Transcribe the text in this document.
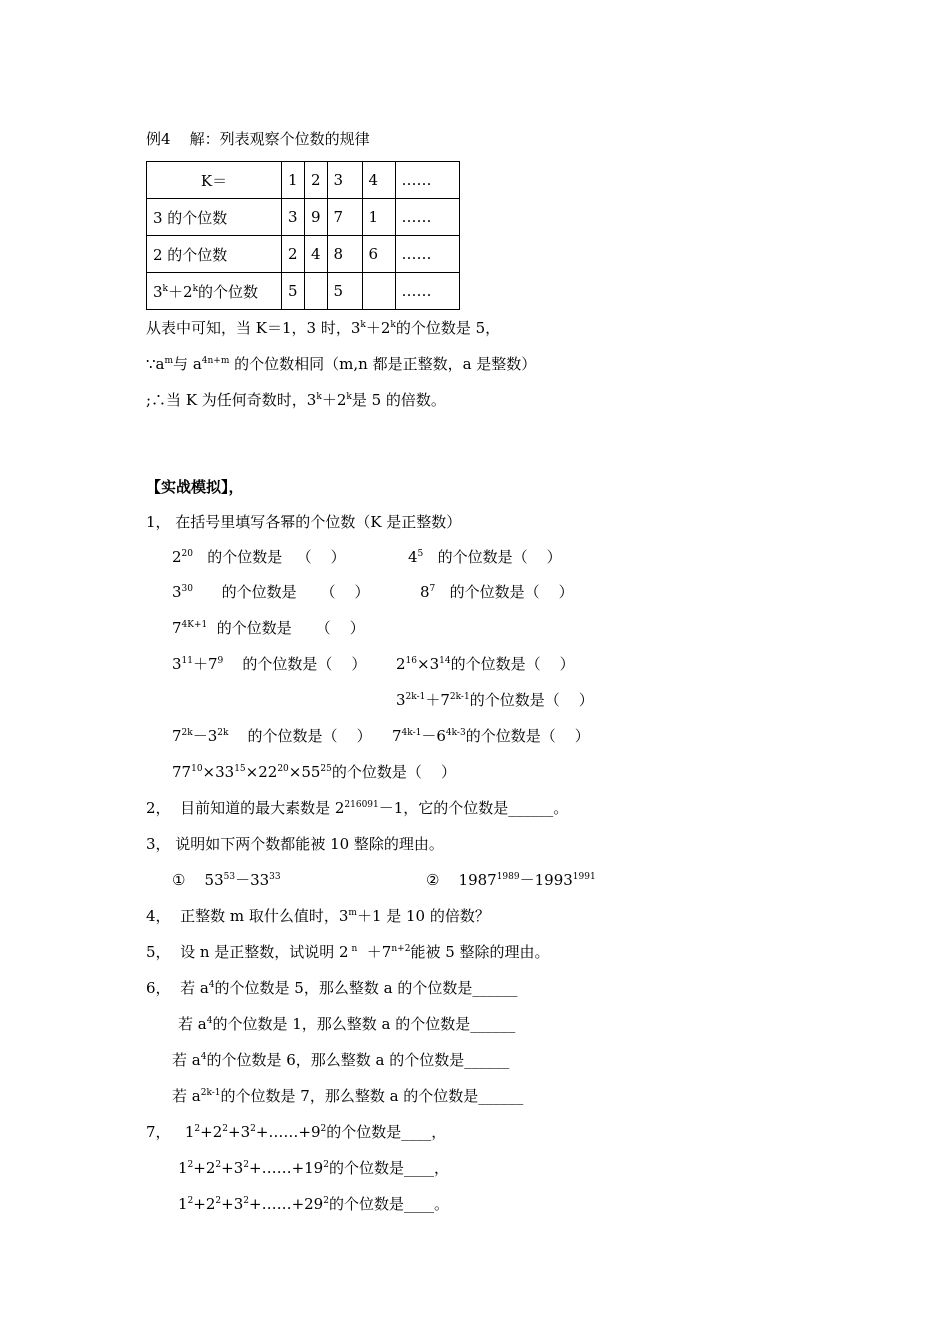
例4 解：列表观察个位数的规律
K＝	1	2	3	4	……
3 的个位数	3	9	7	1	……
2 的个位数	2	4	8	6	……
$3^k+2^k$的个位数	5		5		……
从表中可知，当 K＝1，3 时，$3^k+2^k$的个位数是 5，
$\because a^m$与 $a^{4n+m}$ 的个位数相同（m,n 都是正整数，a 是整数）
;∴当 K 为任何奇数时，$3^k+2^k$是 5 的倍数。
【实战模拟】，
1， 在括号里填写各幂的个位数（K 是正整数）
$2^{20}$   的个位数是   （    ）	$4^5$   的个位数是（    ）
$3^{30}$      的个位数是     （    ）	$8^7$   的个位数是（    ）
$7^{4K+1}$  的个位数是     （    ）
$3^{11}+7^9$    的个位数是（    ） $2^{16}\times 3^{14}$的个位数是（    ）
$3^{2k-1}+7^{2k-1}$的个位数是（    ）
$7^{2k}-3^{2k}$    的个位数是（    ） $7^{4k-1}-6^{4k-3}$的个位数是（    ）
$77^{10}\times 33^{15}\times 22^{20}\times 55^{25}$的个位数是（    ）
2，  目前知道的最大素数是 $2^{216091}-1$，它的个位数是______。
3， 说明如下两个数都能被 10 整除的理由。
①    $53^{53}-33^{33}$	②    $1987^{1989}-1993^{1991}$
4，  正整数 m 取什么值时，$3^m+1$ 是 10 的倍数？
5，  设 n 是正整数，试说明 2 $^n +7^{n+2}$能被 5 整除的理由。
6，  若 $a^4$的个位数是 5，那么整数 a 的个位数是______
若 $a^4$的个位数是 1，那么整数 a 的个位数是______
若 $a^4$的个位数是 6，那么整数 a 的个位数是______
若 $a^{2k-1}$的个位数是 7，那么整数 a 的个位数是______
7，   $1^2+2^2+3^2+\dots\dots+9^2$的个位数是____，
$1^2+2^2+3^2+\dots\dots+19^2$的个位数是____，
$1^2+2^2+3^2+\dots\dots+29^2$的个位数是____。
